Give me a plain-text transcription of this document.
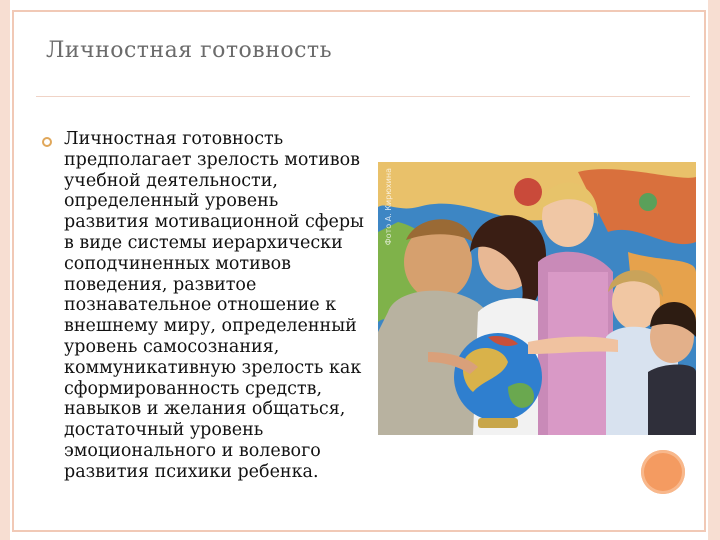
Личностная готовность
Личностная готовность
предполагает зрелость мотивов
учебной деятельности,
определенный уровень
развития мотивационной сферы
в виде системы иерархически
соподчиненных мотивов
поведения, развитое
познавательное отношение к
внешнему миру, определенный
уровень самосознания,
коммуникативную зрелость как
сформированность средств,
навыков и желания общаться,
достаточный уровень
эмоционального и волевого
развития психики ребенка.
Фото А. Кирюхина
